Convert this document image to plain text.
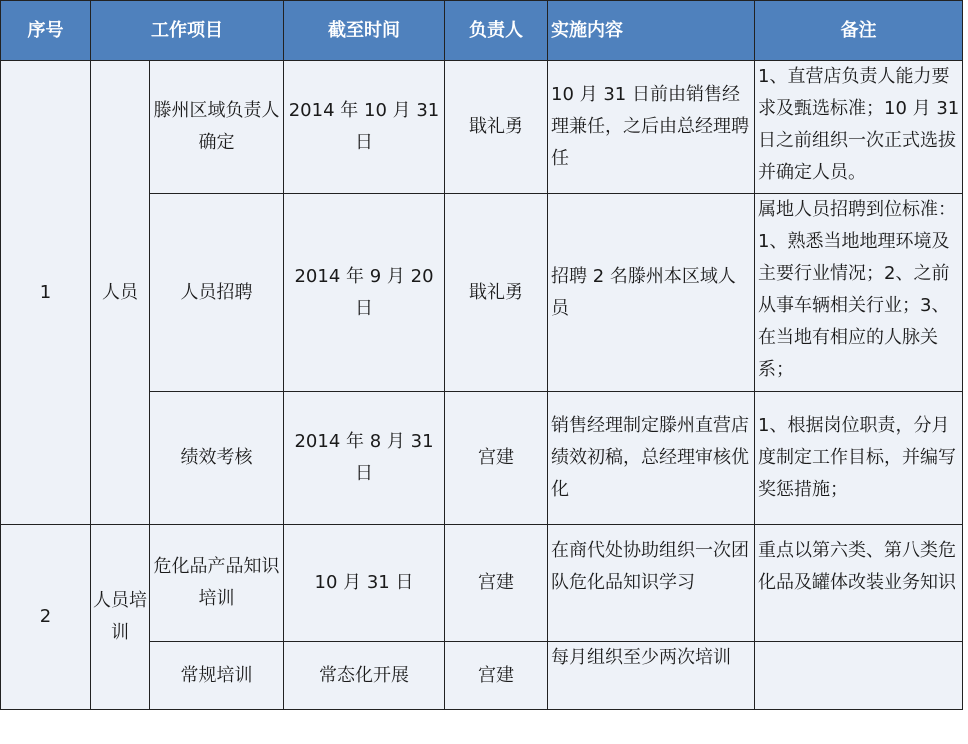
序号	工作项目		截至时间	负责人	实施内容	备注
1	人员	滕州区域负责人确定	2014 年 10 月 31 日	戢礼勇	10 月 31 日前由销售经理兼任，之后由总经理聘任	1、直营店负责人能力要求及甄选标准；10 月 31 日之前组织一次正式选拔并确定人员。
		人员招聘	2014 年 9 月 20 日	戢礼勇	招聘 2 名滕州本区域人员	属地人员招聘到位标准：1、熟悉当地地理环境及主要行业情况；2、之前从事车辆相关行业；3、在当地有相应的人脉关系；
		绩效考核	2014 年 8 月 31 日	宫建	销售经理制定滕州直营店绩效初稿，总经理审核优化	1、根据岗位职责，分月度制定工作目标，并编写奖惩措施；
2	人员培训	危化品产品知识培训	10 月 31 日	宫建	在商代处协助组织一次团队危化品知识学习	重点以第六类、第八类危化品及罐体改装业务知识
		常规培训	常态化开展	宫建	每月组织至少两次培训	
